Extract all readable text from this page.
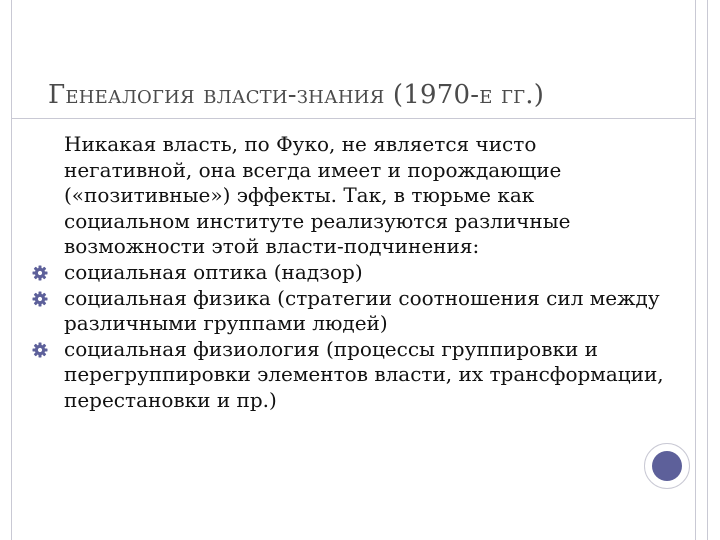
Генеалогия власти-знания (1970-е гг.)

Никакая власть, по Фуко, не является чисто негативной, она всегда имеет и порождающие («позитивные») эффекты. Так, в тюрьме как социальном институте реализуются различные возможности этой власти-подчинения:

социальная оптика (надзор)
социальная физика (стратегии соотношения сил между различными группами людей)
социальная физиология (процессы группировки и перегруппировки элементов власти, их трансформации, перестановки и пр.)
